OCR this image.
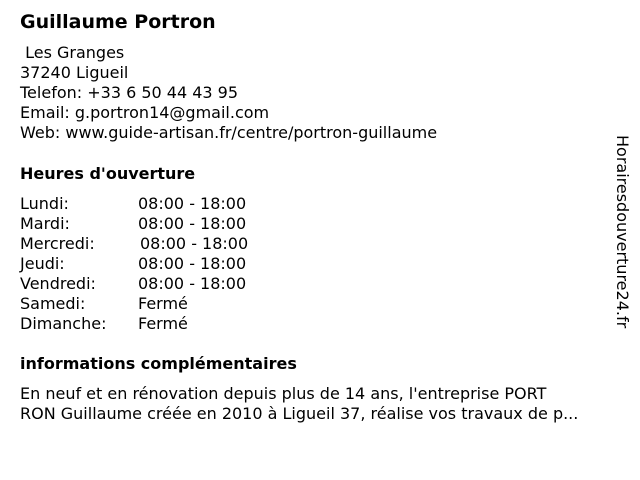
Guillaume Portron
Les Granges
37240 Ligueil
Telefon: +33 6 50 44 43 95
Email: g.portron14@gmail.com
Web: www.guide-artisan.fr/centre/portron-guillaume
Heures d'ouverture
Lundi:	08:00 - 18:00
Mardi:	08:00 - 18:00
Mercredi:	08:00 - 18:00
Jeudi:	08:00 - 18:00
Vendredi:	08:00 - 18:00
Samedi:	Fermé
Dimanche: Fermé
informations complémentaires
En neuf et en rénovation depuis plus de 14 ans, l'entreprise PORT
RON Guillaume créée en 2010 à Ligueil 37, réalise vos travaux de p...
Horairesdouverture24.fr
